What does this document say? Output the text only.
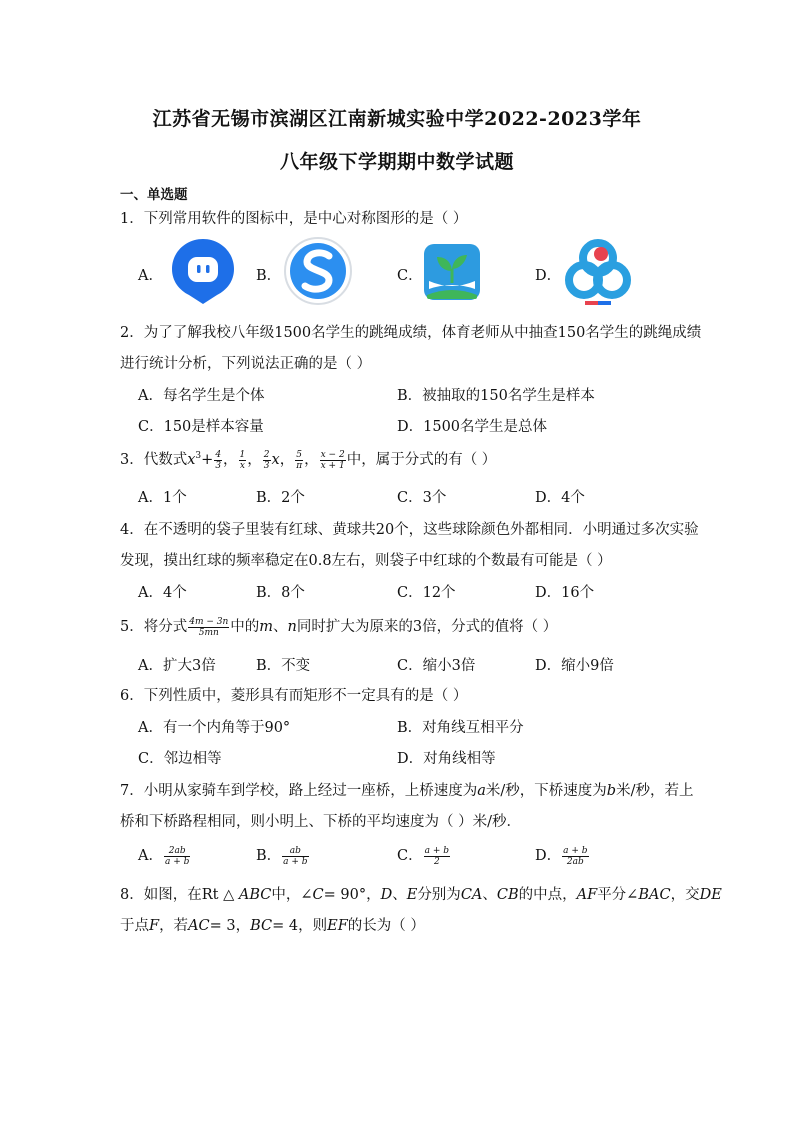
江苏省无锡市滨湖区江南新城实验中学2022-2023学年
八年级下学期期中数学试题
一、单选题
1．下列常用软件的图标中，是中心对称图形的是（ ）
A．	B．	C．	D．
2．为了了解我校八年级1500名学生的跳绳成绩，体育老师从中抽查150名学生的跳绳成绩
进行统计分析，下列说法正确的是（ ）
A．每名学生是个体	B．被抽取的150名学生是样本
C．150是样本容量	D．1500名学生是总体
3．代数式$x^3+ \frac{4}{3}$ ， $\frac{1}{x}$ ， $\frac{2}{3}$ x， $\frac{5}{\pi}$ ， $\frac{x - 2}{x + 1}$ 中，属于分式的有（ ）
A．1个	B．2个	C．3个	D．4个
4．在不透明的袋子里装有红球、黄球共20个，这些球除颜色外都相同．小明通过多次实验
发现，摸出红球的频率稳定在0.8左右，则袋子中红球的个数最有可能是（ ）
A．4个	B．8个	C．12个	D．16个
5．将分式 $\frac{4m - 3n}{5mn}$ 中的m、n同时扩大为原来的3倍，分式的值将（ ）
A．扩大3倍	B．不变	C．缩小3倍	D．缩小9倍
6．下列性质中，菱形具有而矩形不一定具有的是（ ）
A．有一个内角等于90°	B．对角线互相平分
C．邻边相等	D．对角线相等
7．小明从家骑车到学校，路上经过一座桥，上桥速度为a米/秒，下桥速度为b米/秒，若上
桥和下桥路程相同，则小明上、下桥的平均速度为（ ）米/秒．
A． $\frac{2ab}{a + b}$	B． $\frac{ab}{a + b}$	C． $\frac{a + b}{2}$	D． $\frac{a + b}{2ab}$
8．如图，在Rt △ ABC中，∠C= 90°，D、E分别为CA、CB的中点，AF平分∠BAC，交DE
于点F，若AC= 3，BC= 4，则EF的长为（ ）
